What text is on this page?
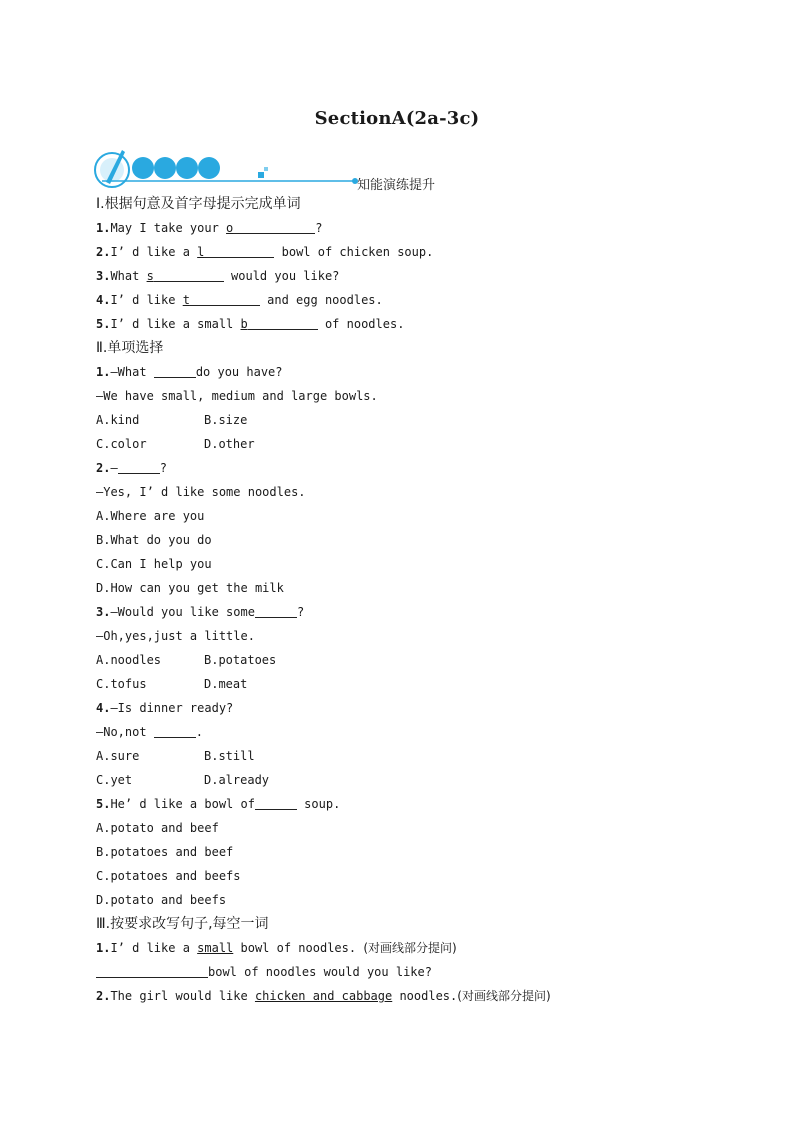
SectionA(2a-3c)
知能演练提升
Ⅰ.根据句意及首字母提示完成单词
1.May I take your o	?
2.I’ d like a l	bowl of chicken soup.
3.What s	would you like?
4.I’ d like t	and egg noodles.
5.I’ d like a small b	of noodles.
Ⅱ.单项选择
1.—What	do you have?
—We have small, medium and large bowls.
A.kind	B.size
C.color	D.other
2.—	?
—Yes, I’ d like some noodles.
A.Where are you
B.What do you do
C.Can I help you
D.How can you get the milk
3.—Would you like some	?
—Oh,yes,just a little.
A.noodles	B.potatoes
C.tofus	D.meat
4.—Is dinner ready?
—No,not	.
A.sure	B.still
C.yet	D.already
5.He’ d like a bowl of	soup.
A.potato and beef
B.potatoes and beef
C.potatoes and beefs
D.potato and beefs
Ⅲ.按要求改写句子,每空一词
1.I’ d like a small bowl of noodles. (对画线部分提问)
bowl of noodles would you like?
2.The girl would like chicken and cabbage noodles.(对画线部分提问)
